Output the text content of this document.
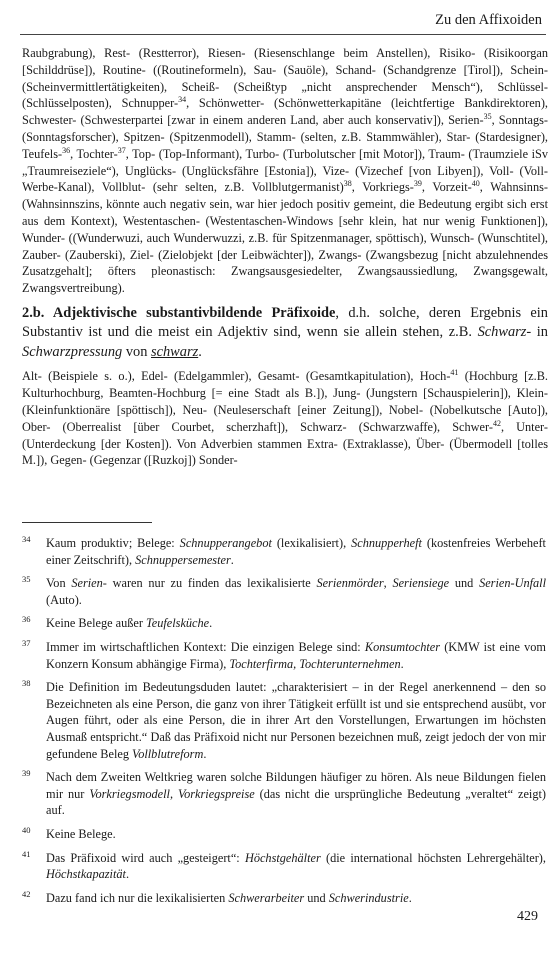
Zu den Affixoiden

Raubgrabung), Rest- (Restterror), Riesen- (Riesenschlange beim Anstellen), Risiko- (Risikoorgan [Schilddrüse]), Routine- ((Routineformeln), Sau- (Sauöle), Schand- (Schandgrenze [Tirol]), Schein- (Scheinvermittlertätigkeiten), Scheiß- (Scheißtyp „nicht ansprechender Mensch“), Schlüssel- (Schlüsselposten), Schnupper-$^{34}$, Schönwetter- (Schönwetterkapitäne (leichtfertige Bankdirektoren), Schwester- (Schwesterpartei [zwar in einem anderen Land, aber auch konservativ]), Serien-$^{35}$, Sonntags- (Sonntagsforscher), Spitzen- (Spitzenmodell), Stamm- (selten, z.B. Stammwähler), Star- (Stardesigner), Teufels-$^{36}$, Tochter-$^{37}$, Top- (Top-Informant), Turbo- (Turbolutscher [mit Motor]), Traum- (Traumziele iSv „Traumreiseziele“), Unglücks- (Unglücksfähre [Estonia]), Vize- (Vizechef [von Libyen]), Voll- (Voll-Werbe-Kanal), Vollblut- (sehr selten, z.B. Vollblutgermanist)$^{38}$, Vorkriegs-$^{39}$, Vorzeit-$^{40}$, Wahnsinns- (Wahnsinnszins, könnte auch negativ sein, war hier jedoch positiv gemeint, die Bedeutung ergibt sich erst aus dem Kontext), Westentaschen- (Westentaschen-Windows [sehr klein, hat nur wenig Funktionen]), Wunder- ((Wunderwuzi, auch Wunderwuzzi, z.B. für Spitzenmanager, spöttisch), Wunsch- (Wunschtitel), Zauber- (Zauberski), Ziel- (Zielobjekt [der Leibwächter]), Zwangs- (Zwangsbezug [nicht abzulehnendes Zusatzgehalt]; öfters pleonastisch: Zwangsausgesiedelter, Zwangsaussiedlung, Zwangsgewalt, Zwangsvertreibung).

2.b. Adjektivische substantivbildende Präfixoide, d.h. solche, deren Ergebnis ein Substantiv ist und die meist ein Adjektiv sind, wenn sie allein stehen, z.B. Schwarz- in Schwarzpressung von schwarz.

Alt- (Beispiele s. o.), Edel- (Edelgammler), Gesamt- (Gesamtkapitulation), Hoch-$^{41}$ (Hochburg [z.B. Kulturhochburg, Beamten-Hochburg [= eine Stadt als B.]), Jung- (Jungstern [Schauspielerin]), Klein- (Kleinfunktionäre [spöttisch]), Neu- (Neuleserschaft [einer Zeitung]), Nobel- (Nobelkutsche [Auto]), Ober- (Oberrealist [über Courbet, scherzhaft]), Schwarz- (Schwarzwaffe), Schwer-$^{42}$, Unter- (Unterdeckung [der Kosten]). Von Adverbien stammen Extra- (Extraklasse), Über- (Übermodell [tolles M.]), Gegen- (Gegenzar ([Ruzkoj]) Sonder-

34 Kaum produktiv; Belege: Schnupperangebot (lexikalisiert), Schnupperheft (kostenfreies Werbeheft einer Zeitschrift), Schnuppersemester.

35 Von Serien- waren nur zu finden das lexikalisierte Serienmörder, Seriensiege und Serien-Unfall (Auto).

36 Keine Belege außer Teufelsküche.

37 Immer im wirtschaftlichen Kontext: Die einzigen Belege sind: Konsumtochter (KMW ist eine vom Konzern Konsum abhängige Firma), Tochterfirma, Tochterunternehmen.

38 Die Definition im Bedeutungsduden lautet: „charakterisiert – in der Regel anerkennend – den so Bezeichneten als eine Person, die ganz von ihrer Tätigkeit erfüllt ist und sie entsprechend ausübt, vor Augen führt, oder als eine Person, die in ihrer Art den Vorstellungen, Erwartungen im höchsten Ausmaß entspricht.“ Daß das Präfixoid nicht nur Personen bezeichnen muß, zeigt jedoch der von mir gefundene Beleg Vollblutreform.

39 Nach dem Zweiten Weltkrieg waren solche Bildungen häufiger zu hören. Als neue Bildungen fielen mir nur Vorkriegsmodell, Vorkriegspreise (das nicht die ursprüngliche Bedeutung „veraltet“ zeigt) auf.

40 Keine Belege.

41 Das Präfixoid wird auch „gesteigert“: Höchstgehälter (die international höchsten Lehrergehälter), Höchstkapazität.

42 Dazu fand ich nur die lexikalisierten Schwerarbeiter und Schwerindustrie.

429
